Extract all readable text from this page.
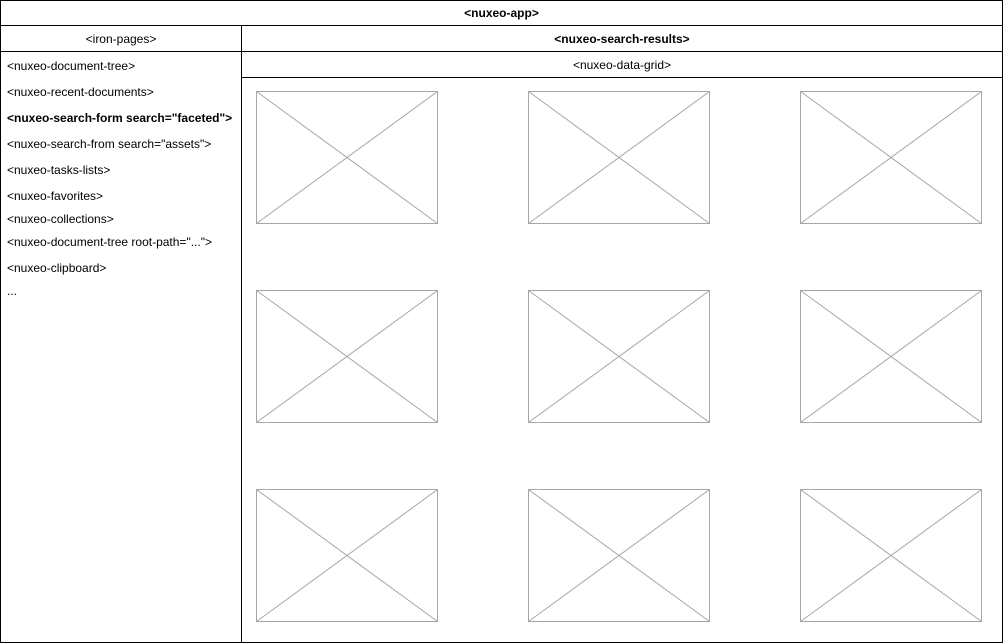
<nuxeo-app>
<iron-pages>
<nuxeo-document-tree>
<nuxeo-recent-documents>
<nuxeo-search-form search="faceted">
<nuxeo-search-from search="assets">
<nuxeo-tasks-lists>
<nuxeo-favorites>
<nuxeo-collections>
<nuxeo-document-tree root-path="...">
<nuxeo-clipboard>
...
<nuxeo-search-results>
<nuxeo-data-grid>
